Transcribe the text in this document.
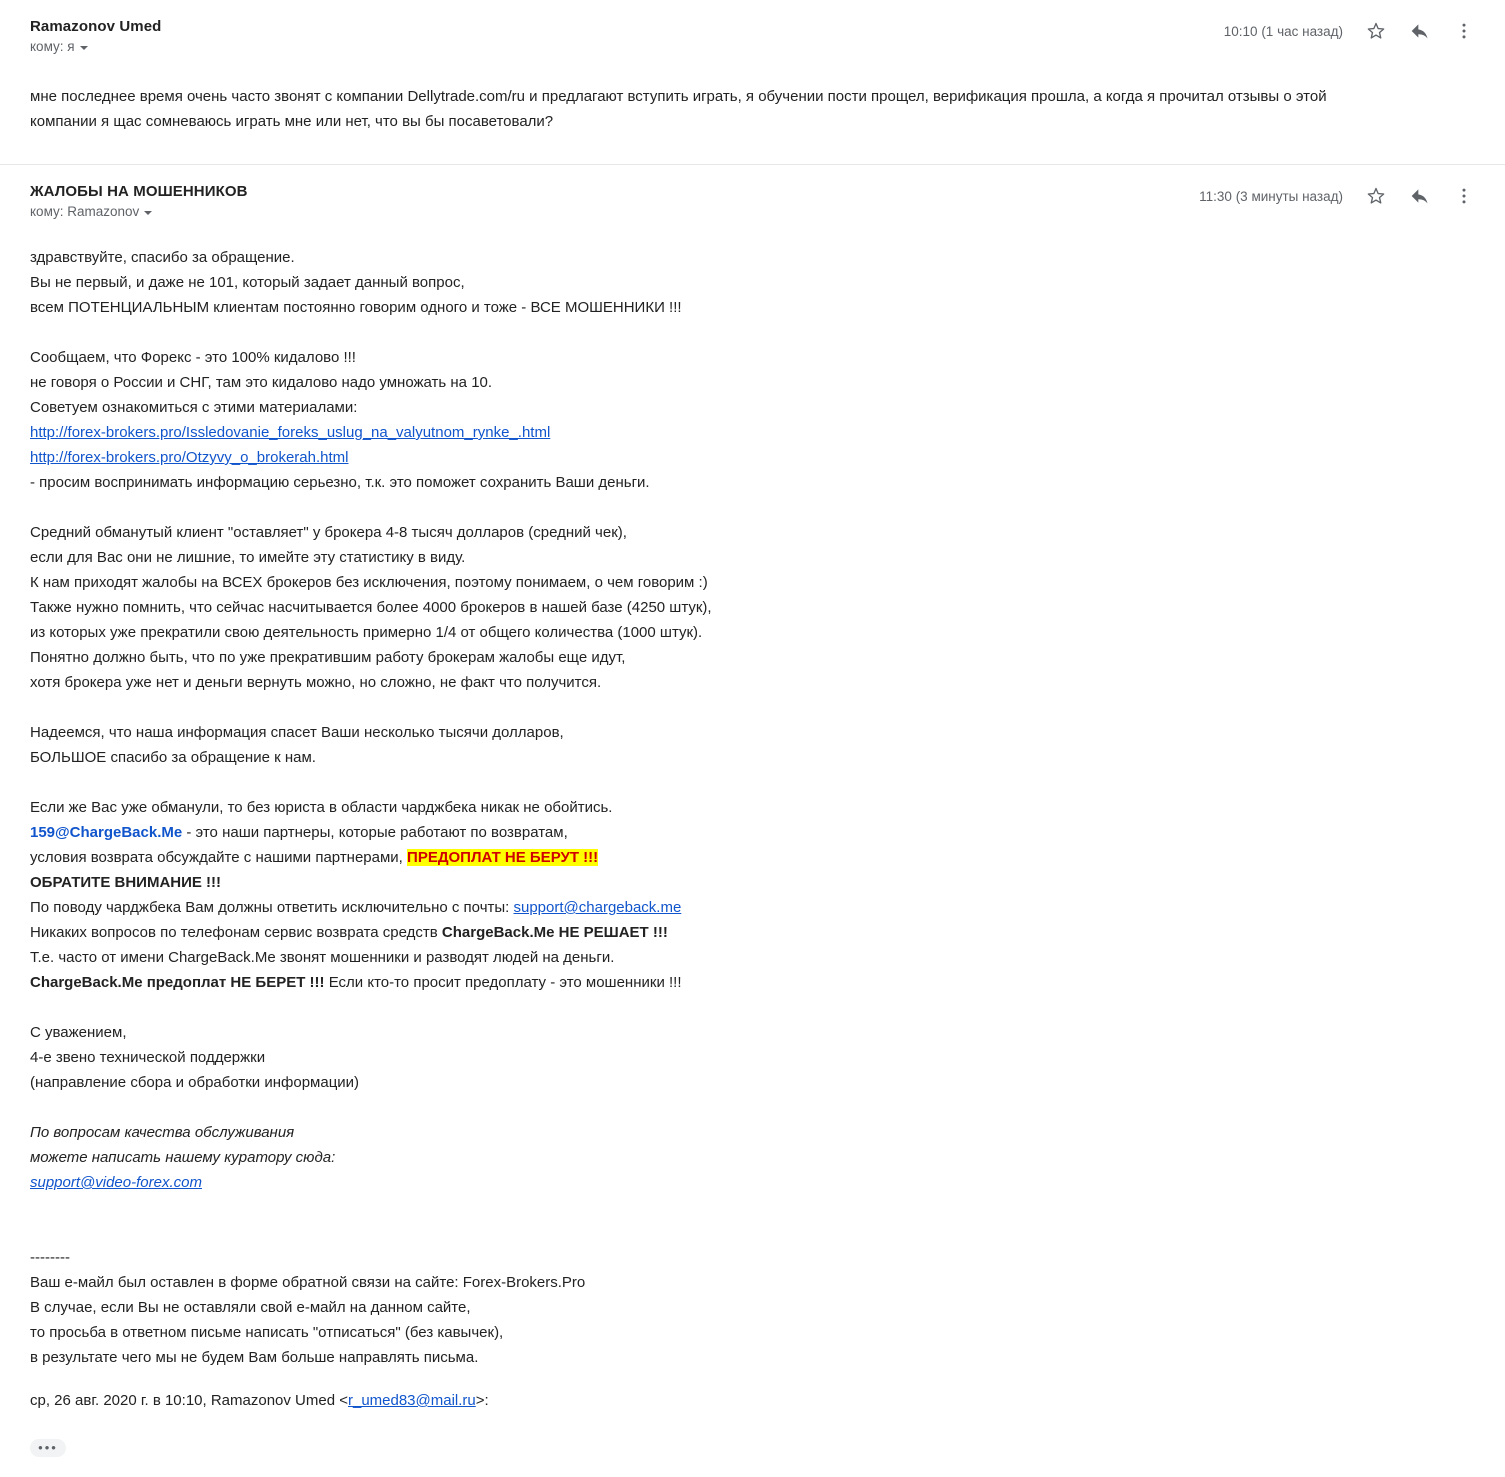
Ramazonov Umed
кому: я
10:10 (1 час назад)

мне последнее время очень часто звонят с компании Dellytrade.com/ru и предлагают вступить играть, я обучении пости прощел, верификация прошла, а когда я прочитал отзывы о этой

компании я щас сомневаюсь играть мне или нет, что вы бы посаветовали?

ЖАЛОБЫ НА МОШЕННИКОВ
кому: Ramazonov
11:30 (3 минуты назад)

здравствуйте, спасибо за обращение.

Вы не первый, и даже не 101, который задает данный вопрос,

всем ПОТЕНЦИАЛЬНЫМ клиентам постоянно говорим одного и тоже - ВСЕ МОШЕННИКИ !!!

Сообщаем, что Форекс - это 100% кидалово !!!

не говоря о России и СНГ, там это кидалово надо умножать на 10.

Советуем ознакомиться с этими материалами:

http://forex-brokers.pro/Issledovanie_foreks_uslug_na_valyutnom_rynke_.html

http://forex-brokers.pro/Otzyvy_o_brokerah.html

- просим воспринимать информацию серьезно, т.к. это поможет сохранить Ваши деньги.

Средний обманутый клиент "оставляет" у брокера 4-8 тысяч долларов (средний чек),

если для Вас они не лишние, то имейте эту статистику в виду.

К нам приходят жалобы на ВСЕХ брокеров без исключения, поэтому понимаем, о чем говорим :)

Также нужно помнить, что сейчас насчитывается более 4000 брокеров в нашей базе (4250 штук),

из которых уже прекратили свою деятельность примерно 1/4 от общего количества (1000 штук).

Понятно должно быть, что по уже прекратившим работу брокерам жалобы еще идут,

хотя брокера уже нет и деньги вернуть можно, но сложно, не факт что получится.

Надеемся, что наша информация спасет Ваши несколько тысячи долларов,

БОЛЬШОЕ спасибо за обращение к нам.

Если же Вас уже обманули, то без юриста в области чарджбека никак не обойтись.

159@ChargeBack.Me - это наши партнеры, которые работают по возвратам,

условия возврата обсуждайте с нашими партнерами, ПРЕДОПЛАТ НЕ БЕРУТ !!!

ОБРАТИТЕ ВНИМАНИЕ !!!

По поводу чарджбека Вам должны ответить исключительно с почты: support@chargeback.me

Никаких вопросов по телефонам сервис возврата средств ChargeBack.Me НЕ РЕШАЕТ !!!

Т.е. часто от имени ChargeBack.Me звонят мошенники и разводят людей на деньги.

ChargeBack.Me предоплат НЕ БЕРЕТ !!! Если кто-то просит предоплату - это мошенники !!!

С уважением,

4-е звено технической поддержки

(направление сбора и обработки информации)

По вопросам качества обслуживания

можете написать нашему куратору сюда:

support@video-forex.com

--------

Ваш е-майл был оставлен в форме обратной связи на сайте: Forex-Brokers.Pro

В случае, если Вы не оставляли свой е-майл на данном сайте,

то просьба в ответном письме написать "отписаться" (без кавычек),

в результате чего мы не будем Вам больше направлять письма.

ср, 26 авг. 2020 г. в 10:10, Ramazonov Umed <r_umed83@mail.ru>:
•••
